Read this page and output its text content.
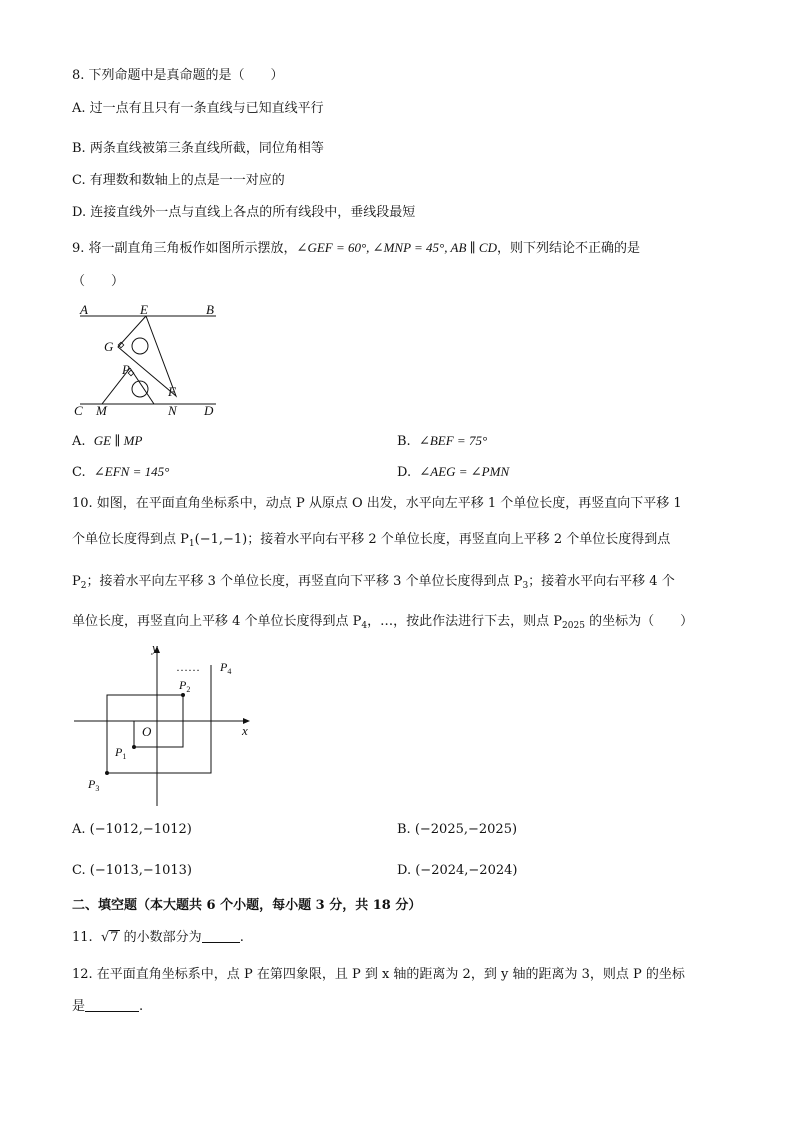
8. 下列命题中是真命题的是（　　）
A. 过一点有且只有一条直线与已知直线平行
B. 两条直线被第三条直线所截，同位角相等
C. 有理数和数轴上的点是一一对应的
D. 连接直线外一点与直线上各点的所有线段中，垂线段最短
9. 将一副直角三角板作如图所示摆放，∠GEF = 60°, ∠MNP = 45°, AB ∥ CD，则下列结论不正确的是
（　　）
A	E	B
G
P
F
C M	N D
A. GE ∥ MP	B. ∠BEF = 75°
C. ∠EFN = 145°	D. ∠AEG = ∠PMN
10. 如图，在平面直角坐标系中，动点 P 从原点 O 出发，水平向左平移 1 个单位长度，再竖直向下平移 1
个单位长度得到点 $P_1(-1,-1)$；接着水平向右平移 2 个单位长度，再竖直向上平移 2 个单位长度得到点
$P_2$；接着水平向左平移 3 个单位长度，再竖直向下平移 3 个单位长度得到点 $P_3$；接着水平向右平移 4 个
单位长度，再竖直向上平移 4 个单位长度得到点 $P_4$，…，按此作法进行下去，则点 $P_{2025}$ 的坐标为（　　）
y
x
O
…… $P_4$
$P_2$
$P_1$
$P_3$
A. (−1012,−1012)	B. (−2025,−2025)
C. (−1013,−1013)	D. (−2024,−2024)
二、填空题（本大题共 6 个小题，每小题 3 分，共 18 分）
11. √7 的小数部分为	.
12. 在平面直角坐标系中，点 P 在第四象限，且 P 到 x 轴的距离为 2，到 y 轴的距离为 3，则点 P 的坐标
是	.
